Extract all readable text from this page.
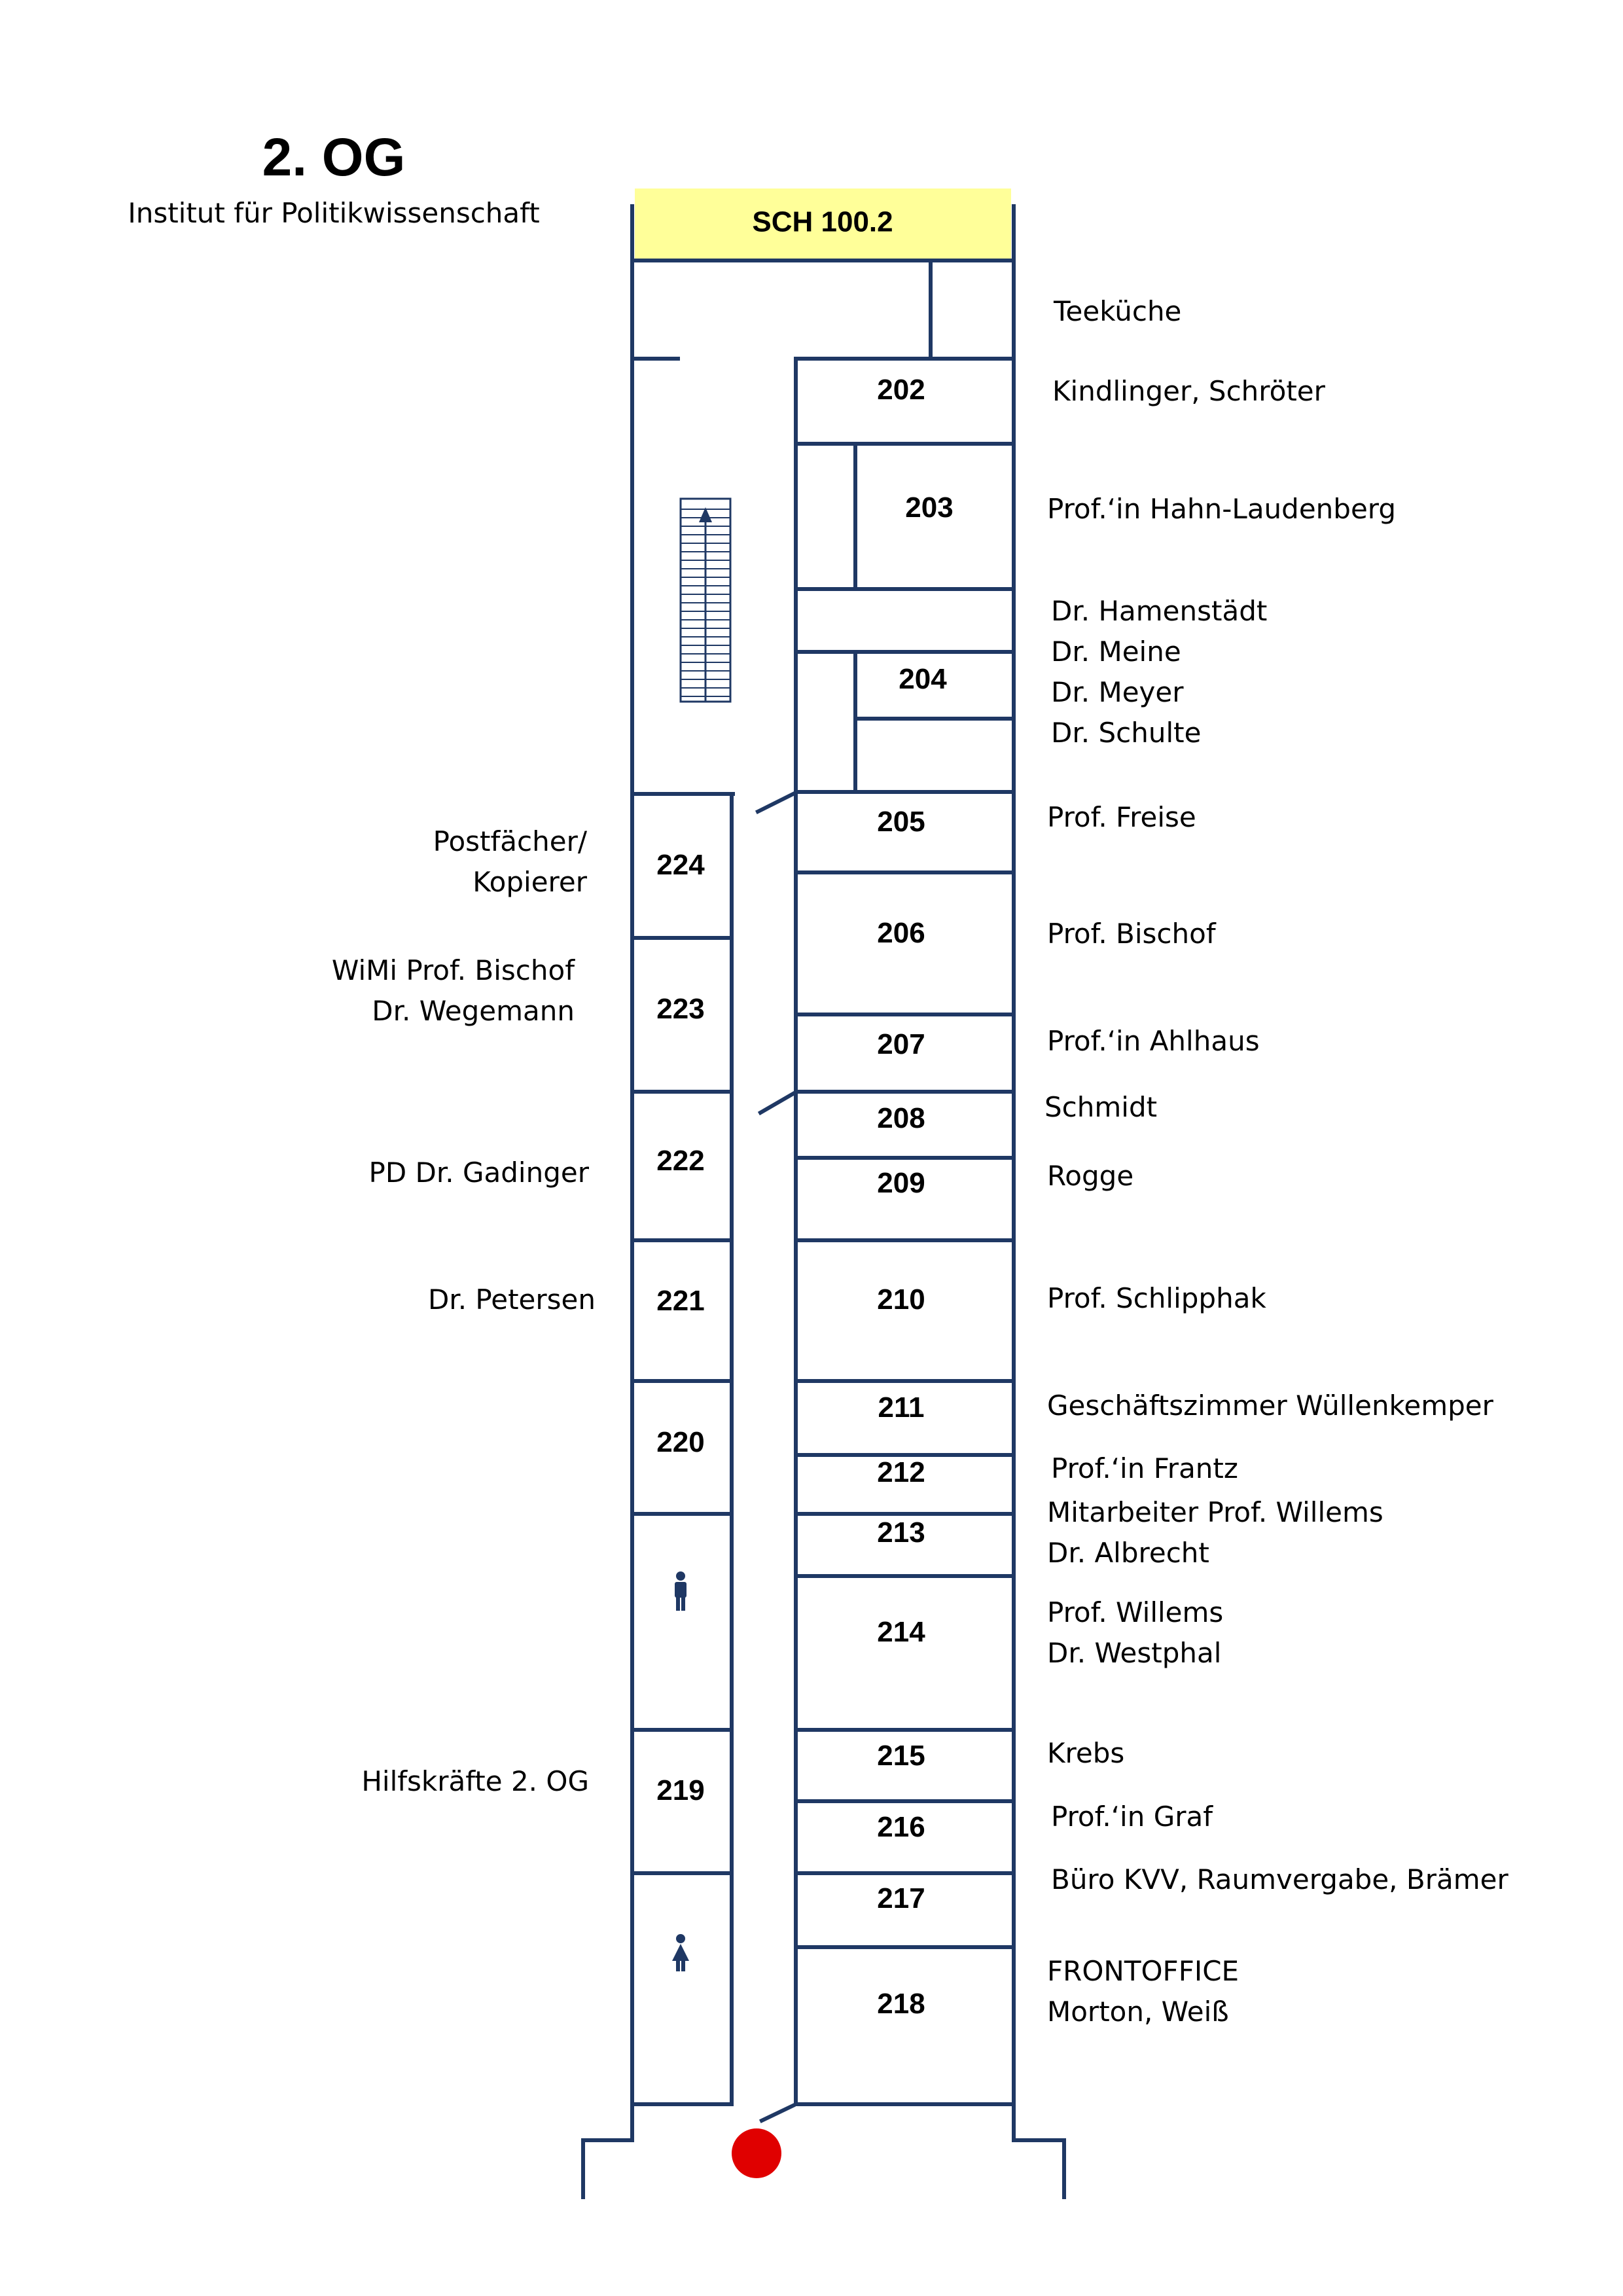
2. OG
Institut für Politikwissenschaft	SCH 100.2
Teeküche
202
203
204
205
206
207
208
209
210
211
212
213
214
215
216
217
218
Kindlinger, Schröter
Prof.‘in Hahn-Laudenberg
Dr. Hamenstädt
Dr. Meine
Dr. Meyer
Dr. Schulte
Prof. Freise
Prof. Bischof
Prof.‘in Ahlhaus
Schmidt
Rogge
Prof. Schlipphak
Geschäftszimmer Wüllenkemper
Prof.‘in Frantz
Mitarbeiter Prof. Willems
Dr. Albrecht
Prof. Willems
Dr. Westphal
Krebs
Prof.‘in Graf
Büro KVV, Raumvergabe, Brämer
FRONTOFFICE
Morton, Weiß
224
223
222
221
220
219
Postfächer/
Kopierer
WiMi Prof. Bischof
Dr. Wegemann
PD Dr. Gadinger
Dr. Petersen
Hilfskräfte 2. OG
